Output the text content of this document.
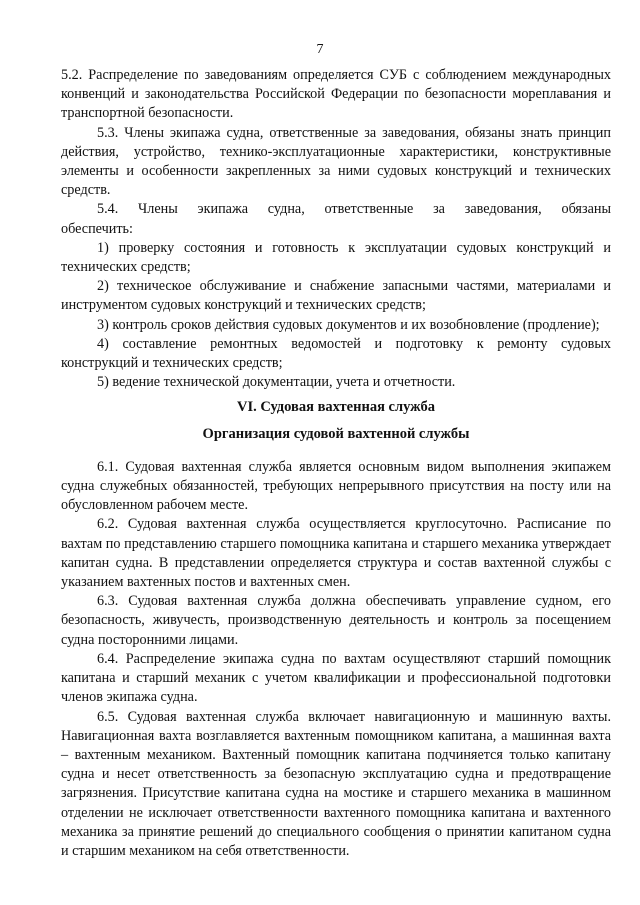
7

5.2. Распределение по заведованиям определяется СУБ с соблюдением международных конвенций и законодательства Российской Федерации по безопасности мореплавания и транспортной безопасности.

5.3. Члены экипажа судна, ответственные за заведования, обязаны знать принцип действия, устройство, технико-эксплуатационные характеристики, конструктивные элементы и особенности закрепленных за ними судовых конструкций и технических средств.

5.4. Члены экипажа судна, ответственные за заведования, обязаны

обеспечить:

1) проверку состояния и готовность к эксплуатации судовых конструкций и технических средств;

2) техническое обслуживание и снабжение запасными частями, материалами и инструментом судовых конструкций и технических средств;

3) контроль сроков действия судовых документов и их возобновление (продление);

4) составление ремонтных ведомостей и подготовку к ремонту судовых конструкций и технических средств;

5) ведение технической документации, учета и отчетности.

VI. Судовая вахтенная служба

Организация судовой вахтенной службы

6.1. Судовая вахтенная служба является основным видом выполнения экипажем судна служебных обязанностей, требующих непрерывного присутствия на посту или на обусловленном рабочем месте.

6.2. Судовая вахтенная служба осуществляется круглосуточно. Расписание по вахтам по представлению старшего помощника капитана и старшего механика утверждает капитан судна. В представлении определяется структура и состав вахтенной службы с указанием вахтенных постов и вахтенных смен.

6.3. Судовая вахтенная служба должна обеспечивать управление судном, его безопасность, живучесть, производственную деятельность и контроль за посещением судна посторонними лицами.

6.4. Распределение экипажа судна по вахтам осуществляют старший помощник капитана и старший механик с учетом квалификации и профессиональной подготовки членов экипажа судна.

6.5. Судовая вахтенная служба включает навигационную и машинную вахты. Навигационная вахта возглавляется вахтенным помощником капитана, а машинная вахта – вахтенным механиком. Вахтенный помощник капитана подчиняется только капитану судна и несет ответственность за безопасную эксплуатацию судна и предотвращение загрязнения. Присутствие капитана судна на мостике и старшего механика в машинном отделении не исключает ответственности вахтенного помощника капитана и вахтенного механика за принятие решений до специального сообщения о принятии капитаном судна и старшим механиком на себя ответственности.
